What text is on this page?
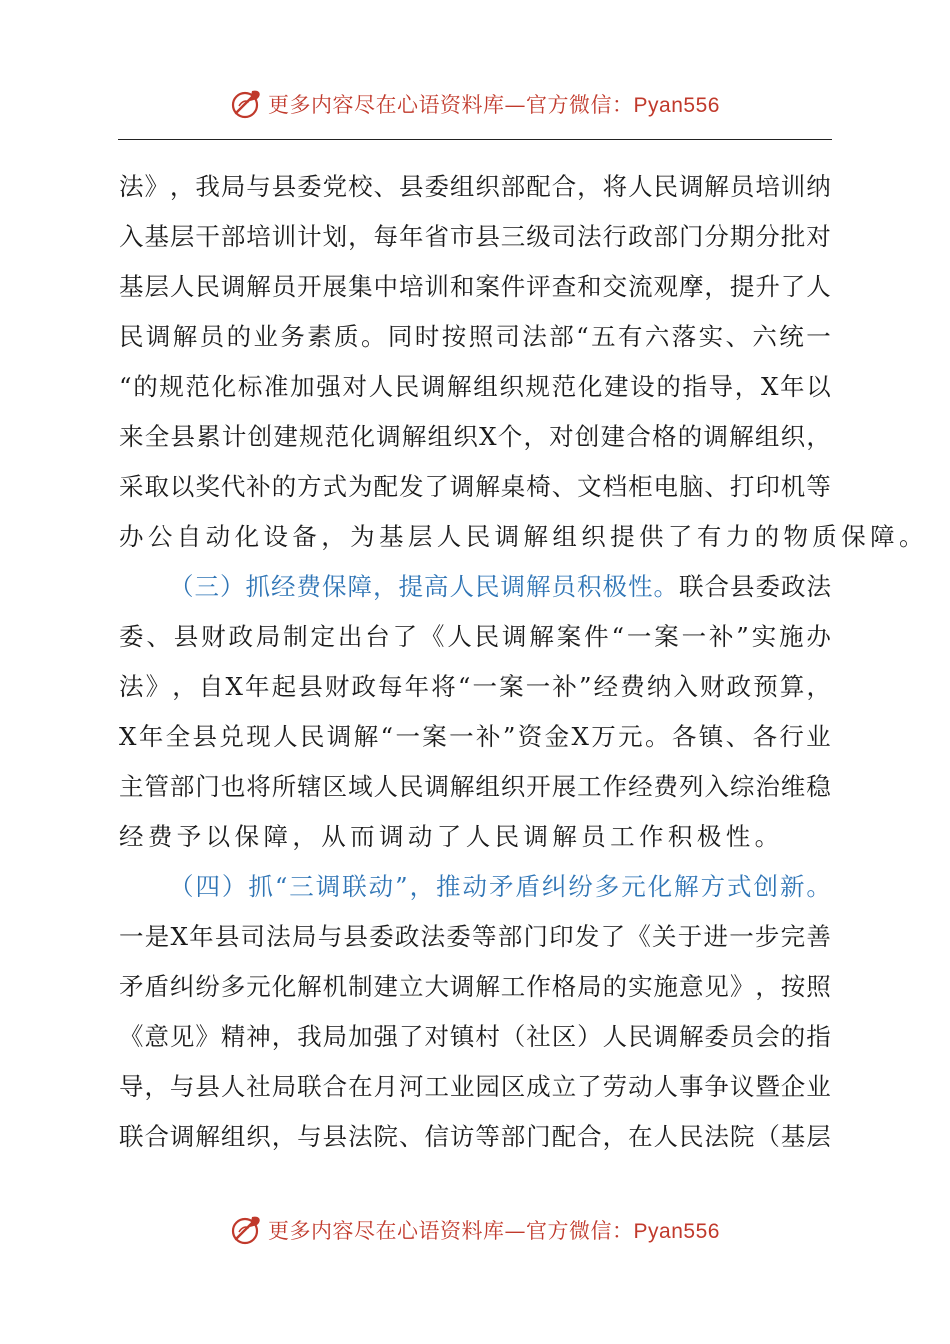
更多内容尽在心语资料库—官方微信：Pyan556
法 》 ， 我 局 与 县 委 党 校 、 县 委 组 织 部 配 合 ， 将 人 民 调 解 员 培 训 纳
入 基 层 干 部 培 训 计 划 ， 每 年 省 市 县 三 级 司 法 行 政 部 门 分 期 分 批 对
基 层 人 民 调 解 员 开 展 集 中 培 训 和 案 件 评 查 和 交 流 观 摩 ， 提 升 了 人
民 调 解 员 的 业 务 素 质 。 同 时 按 照 司 法 部 “ 五 有 六 落 实 、 六 统 一
“ 的 规 范 化 标 准 加 强 对 人 民 调 解 组 织 规 范 化 建 设 的 指 导 ， X 年 以
来 全 县 累 计 创 建 规 范 化 调 解 组 织 X 个 ， 对 创 建 合 格 的 调 解 组 织 ，
采 取 以 奖 代 补 的 方 式 为 配 发 了 调 解 桌 椅 、 文 档 柜 电 脑 、 打 印 机 等
办 公 自 动 化 设 备 ， 为 基 层 人 民 调 解 组 织 提 供 了 有 力 的 物 质 保 障 。
（ 三 ） 抓 经 费 保 障 ， 提 高 人 民 调 解 员 积 极 性 。 联 合 县 委 政 法
委 、 县 财 政 局 制 定 出 台 了 《 人 民 调 解 案 件 “ 一 案 一 补 ” 实 施 办
法 》 ， 自 X 年 起 县 财 政 每 年 将 “ 一 案 一 补 ” 经 费 纳 入 财 政 预 算 ，
X 年 全 县 兑 现 人 民 调 解 “ 一 案 一 补 ” 资 金 X 万 元 。 各 镇 、 各 行 业
主 管 部 门 也 将 所 辖 区 域 人 民 调 解 组 织 开 展 工 作 经 费 列 入 综 治 维 稳
经 费 予 以 保 障 ， 从 而 调 动 了 人 民 调 解 员 工 作 积 极 性 。
（ 四 ） 抓 “ 三 调 联 动 ” ， 推 动 矛 盾 纠 纷 多 元 化 解 方 式 创 新 。
一 是 X 年 县 司 法 局 与 县 委 政 法 委 等 部 门 印 发 了 《 关 于 进 一 步 完 善
矛 盾 纠 纷 多 元 化 解 机 制 建 立 大 调 解 工 作 格 局 的 实 施 意 见 》 ， 按 照
《 意 见 》 精 神 ， 我 局 加 强 了 对 镇 村 （ 社 区 ） 人 民 调 解 委 员 会 的 指
导 ， 与 县 人 社 局 联 合 在 月 河 工 业 园 区 成 立 了 劳 动 人 事 争 议 暨 企 业
联 合 调 解 组 织 ， 与 县 法 院 、 信 访 等 部 门 配 合 ， 在 人 民 法 院 （ 基 层
更多内容尽在心语资料库—官方微信：Pyan556
